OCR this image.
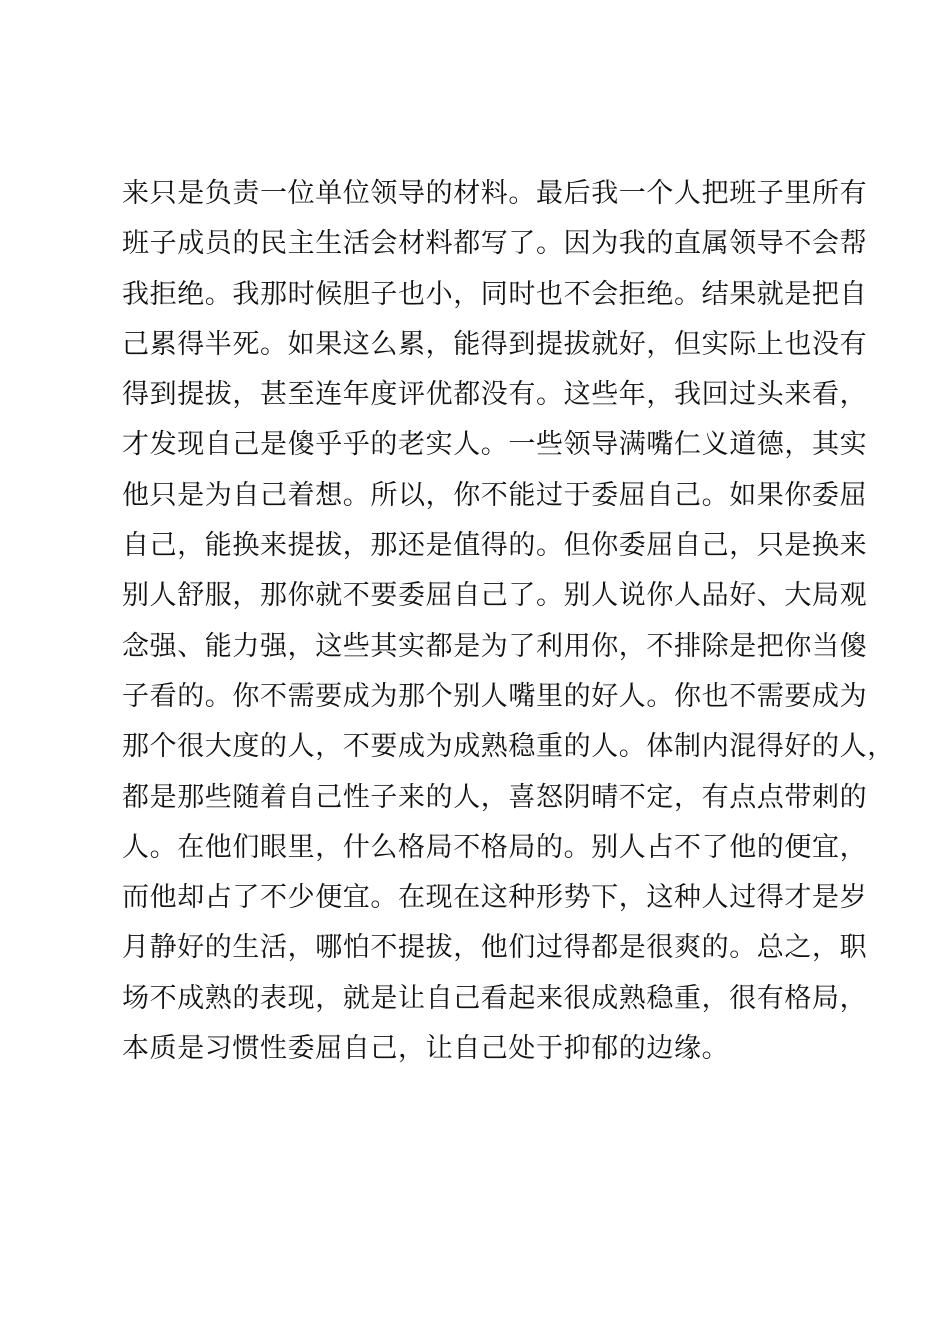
来只是负责一位单位领导的材料。最后我一个人把班子里所有
班子成员的民主生活会材料都写了。因为我的直属领导不会帮
我拒绝。我那时候胆子也小，同时也不会拒绝。结果就是把自
己累得半死。如果这么累，能得到提拔就好，但实际上也没有
得到提拔，甚至连年度评优都没有。这些年，我回过头来看，
才发现自己是傻乎乎的老实人。一些领导满嘴仁义道德，其实
他只是为自己着想。所以，你不能过于委屈自己。如果你委屈
自己，能换来提拔，那还是值得的。但你委屈自己，只是换来
别人舒服，那你就不要委屈自己了。别人说你人品好、大局观
念强、能力强，这些其实都是为了利用你，不排除是把你当傻
子看的。你不需要成为那个别人嘴里的好人。你也不需要成为
那个很大度的人，不要成为成熟稳重的人。体制内混得好的人，
都是那些随着自己性子来的人，喜怒阴晴不定，有点点带刺的
人。在他们眼里，什么格局不格局的。别人占不了他的便宜，
而他却占了不少便宜。在现在这种形势下，这种人过得才是岁
月静好的生活，哪怕不提拔，他们过得都是很爽的。总之，职
场不成熟的表现，就是让自己看起来很成熟稳重，很有格局，
本质是习惯性委屈自己，让自己处于抑郁的边缘。
